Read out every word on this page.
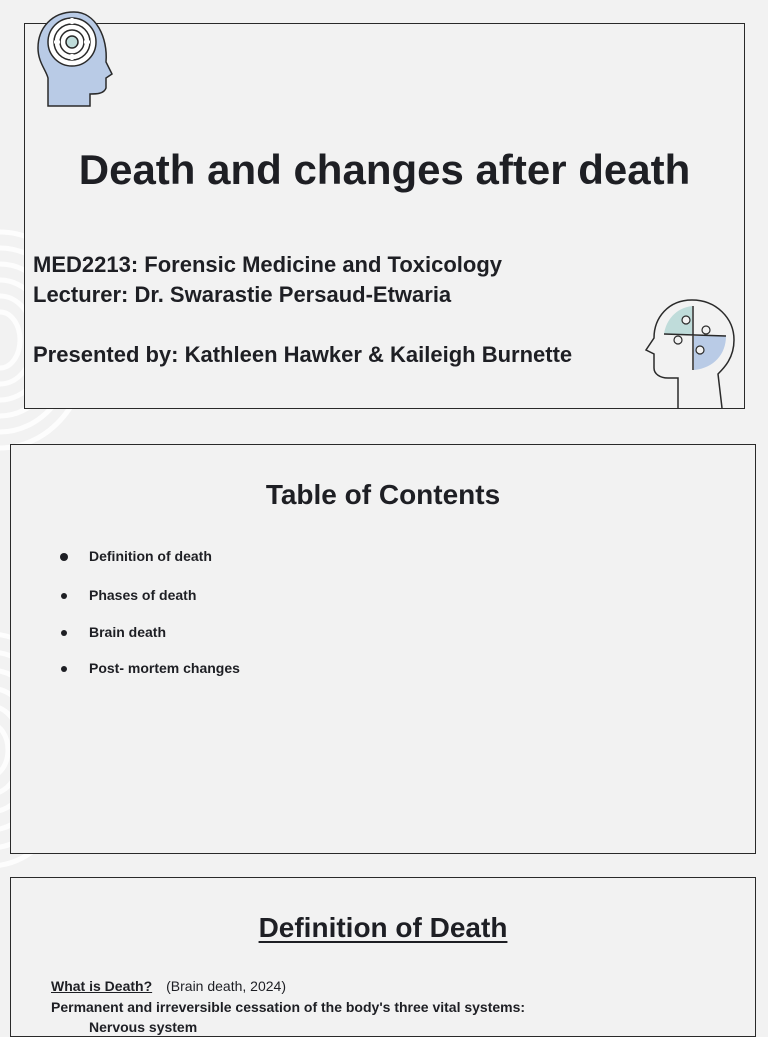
Death and changes after death
MED2213: Forensic Medicine and Toxicology
Lecturer: Dr. Swarastie Persaud-Etwaria
Presented by: Kathleen Hawker & Kaileigh Burnette
Table of Contents
Definition of death
Phases of death
Brain death
Post- mortem changes
Definition of Death
What is Death? (Brain death, 2024)
Permanent and irreversible cessation of the body's three vital systems:
Nervous system
